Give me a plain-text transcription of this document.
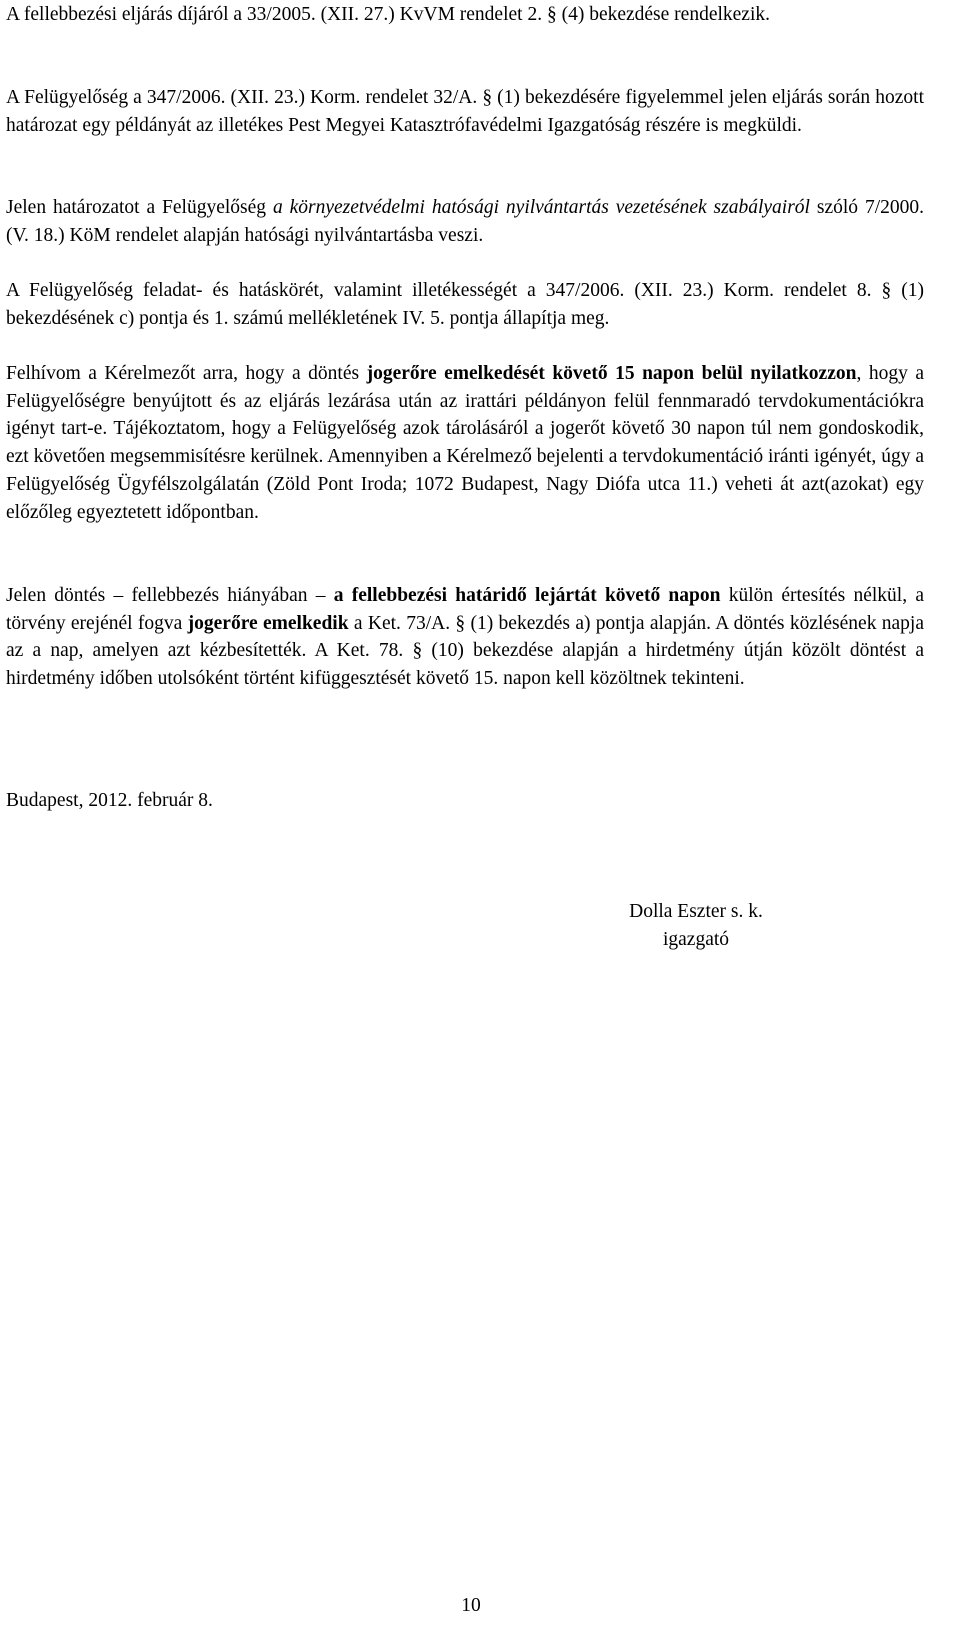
A fellebbezési eljárás díjáról a 33/2005. (XII. 27.) KvVM rendelet 2. § (4) bekezdése rendelkezik.

A Felügyelőség a 347/2006. (XII. 23.) Korm. rendelet 32/A. § (1) bekezdésére figyelemmel jelen eljárás során hozott határozat egy példányát az illetékes Pest Megyei Katasztrófavédelmi Igazgatóság részére is megküldi.

Jelen határozatot a Felügyelőség a környezetvédelmi hatósági nyilvántartás vezetésének szabályairól szóló 7/2000. (V. 18.) KöM rendelet alapján hatósági nyilvántartásba veszi.

A Felügyelőség feladat- és hatáskörét, valamint illetékességét a 347/2006. (XII. 23.) Korm. rendelet 8. § (1) bekezdésének c) pontja és 1. számú mellékletének IV. 5. pontja állapítja meg.

Felhívom a Kérelmezőt arra, hogy a döntés jogerőre emelkedését követő 15 napon belül nyilatkozzon, hogy a Felügyelőségre benyújtott és az eljárás lezárása után az irattári példányon felül fennmaradó tervdokumentációkra igényt tart-e. Tájékoztatom, hogy a Felügyelőség azok tárolásáról a jogerőt követő 30 napon túl nem gondoskodik, ezt követően megsemmisítésre kerülnek. Amennyiben a Kérelmező bejelenti a tervdokumentáció iránti igényét, úgy a Felügyelőség Ügyfélszolgálatán (Zöld Pont Iroda; 1072 Budapest, Nagy Diófa utca 11.) veheti át azt(azokat) egy előzőleg egyeztetett időpontban.

Jelen döntés – fellebbezés hiányában – a fellebbezési határidő lejártát követő napon külön értesítés nélkül, a törvény erejénél fogva jogerőre emelkedik a Ket. 73/A. § (1) bekezdés a) pontja alapján. A döntés közlésének napja az a nap, amelyen azt kézbesítették. A Ket. 78. § (10) bekezdése alapján a hirdetmény útján közölt döntést a hirdetmény időben utolsóként történt kifüggesztését követő 15. napon kell közöltnek tekinteni.

Budapest, 2012. február 8.

Dolla Eszter s. k.
igazgató
10
